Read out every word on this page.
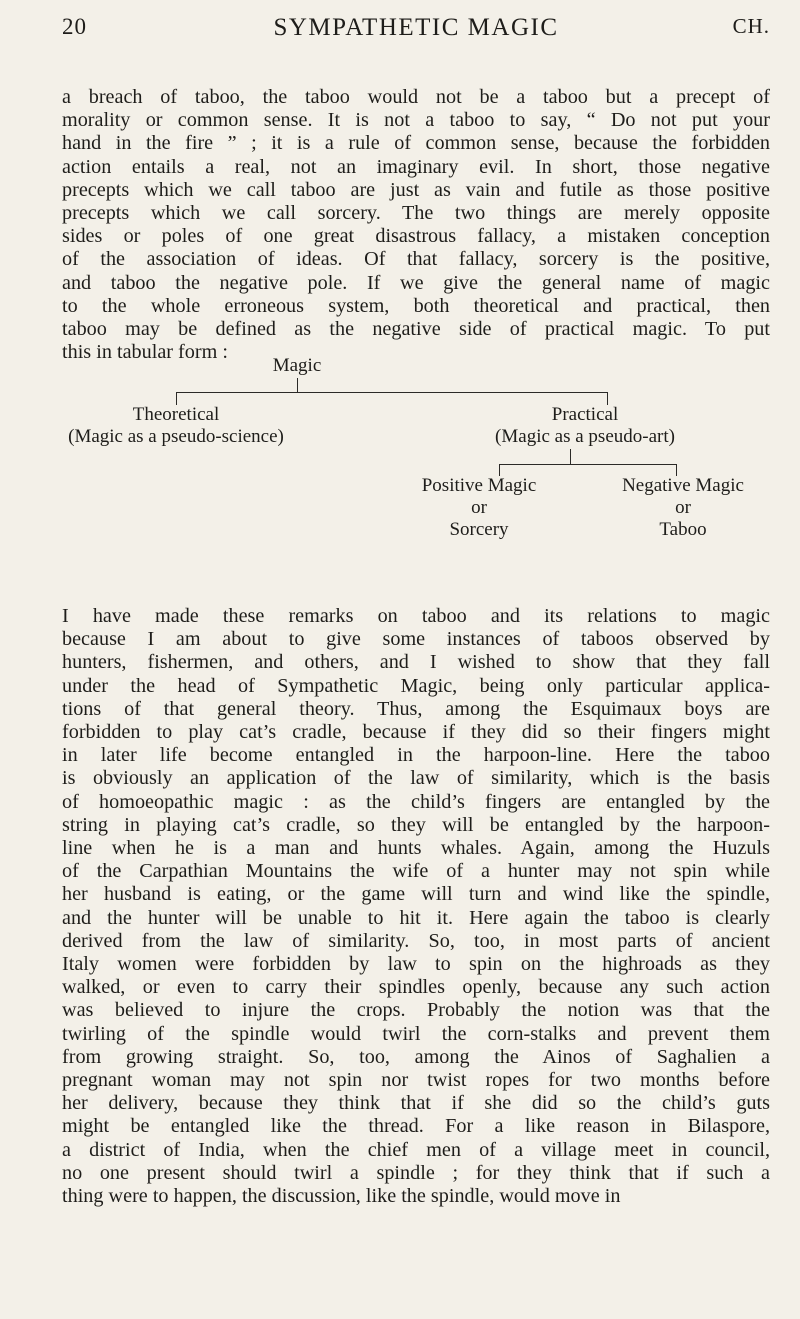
20	SYMPATHETIC MAGIC	CH.
a breach of taboo, the taboo would not be a taboo but a precept of
morality or common sense. It is not a taboo to say, “ Do not put your
hand in the fire ” ; it is a rule of common sense, because the forbidden
action entails a real, not an imaginary evil. In short, those negative
precepts which we call taboo are just as vain and futile as those positive
precepts which we call sorcery. The two things are merely opposite
sides or poles of one great disastrous fallacy, a mistaken conception
of the association of ideas. Of that fallacy, sorcery is the positive,
and taboo the negative pole. If we give the general name of magic
to the whole erroneous system, both theoretical and practical, then
taboo may be defined as the negative side of practical magic. To put
this in tabular form :
Magic
Theoretical
(Magic as a pseudo-science)
Practical
(Magic as a pseudo-art)
Positive Magic
or
Sorcery
Negative Magic
or
Taboo
I have made these remarks on taboo and its relations to magic
because I am about to give some instances of taboos observed by
hunters, fishermen, and others, and I wished to show that they fall
under the head of Sympathetic Magic, being only particular applica-
tions of that general theory. Thus, among the Esquimaux boys are
forbidden to play cat’s cradle, because if they did so their fingers might
in later life become entangled in the harpoon-line. Here the taboo
is obviously an application of the law of similarity, which is the basis
of homoeopathic magic : as the child’s fingers are entangled by the
string in playing cat’s cradle, so they will be entangled by the harpoon-
line when he is a man and hunts whales. Again, among the Huzuls
of the Carpathian Mountains the wife of a hunter may not spin while
her husband is eating, or the game will turn and wind like the spindle,
and the hunter will be unable to hit it. Here again the taboo is clearly
derived from the law of similarity. So, too, in most parts of ancient
Italy women were forbidden by law to spin on the highroads as they
walked, or even to carry their spindles openly, because any such action
was believed to injure the crops. Probably the notion was that the
twirling of the spindle would twirl the corn-stalks and prevent them
from growing straight. So, too, among the Ainos of Saghalien a
pregnant woman may not spin nor twist ropes for two months before
her delivery, because they think that if she did so the child’s guts
might be entangled like the thread. For a like reason in Bilaspore,
a district of India, when the chief men of a village meet in council,
no one present should twirl a spindle ; for they think that if such a
thing were to happen, the discussion, like the spindle, would move in
